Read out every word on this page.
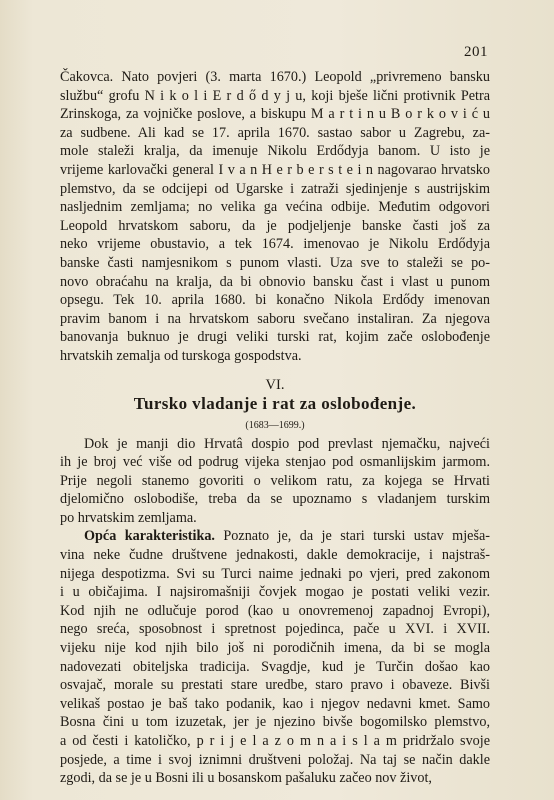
201
Čakovca. Nato povjeri (3. marta 1670.) Leopold „privremeno bansku
službu“ grofu N i k o l i E r d ő d y j u, koji bješe lični protivnik Petra
Zrinskoga, za vojničke poslove, a biskupu M a r t i n u B o r k o v i ć u
za sudbene. Ali kad se 17. aprila 1670. sastao sabor u Zagrebu, za-
mole staleži kralja, da imenuje Nikolu Erdődyja banom. U isto je
vrijeme karlovački general I v a n H e r b e r s t e i n nagovarao hrvatsko
plemstvo, da se odcijepi od Ugarske i zatraži sjedinjenje s austrijskim
nasljednim zemljama; no velika ga većina odbije. Međutim odgovori
Leopold hrvatskom saboru, da je podjeljenje banske časti još za
neko vrijeme obustavio, a tek 1674. imenovao je Nikolu Erdődyja
banske časti namjesnikom s punom vlasti. Uza sve to staleži se po-
novo obraćahu na kralja, da bi obnovio bansku čast i vlast u punom
opsegu. Tek 10. aprila 1680. bi konačno Nikola Erdődy imenovan
pravim banom i na hrvatskom saboru svečano instaliran. Za njegova
banovanja buknuo je drugi veliki turski rat, kojim zače oslobođenje
hrvatskih zemalja od turskoga gospodstva.
VI.
Tursko vladanje i rat za oslobođenje.
(1683—1699.)
Dok je manji dio Hrvatâ dospio pod prevlast njemačku, najveći
ih je broj već više od podrug vijeka stenjao pod osmanlijskim jarmom.
Prije negoli stanemo govoriti o velikom ratu, za kojega se Hrvati
djelomično oslobodiše, treba da se upoznamo s vladanjem turskim
po hrvatskim zemljama.
Opća karakteristika. Poznato je, da je stari turski ustav mješa-
vina neke čudne društvene jednakosti, dakle demokracije, i najstraš-
nijega despotizma. Svi su Turci naime jednaki po vjeri, pred zakonom
i u običajima. I najsiromašniji čovjek mogao je postati veliki vezir.
Kod njih ne odlučuje porod (kao u onovremenoj zapadnoj Evropi),
nego sreća, sposobnost i spretnost pojedinca, pače u XVI. i XVII.
vijeku nije kod njih bilo još ni porodičnih imena, da bi se mogla
nadovezati obiteljska tradicija. Svagdje, kud je Turčin došao kao
osvajač, morale su prestati stare uredbe, staro pravo i obaveze. Bivši
velikaš postao je baš tako podanik, kao i njegov nedavni kmet. Samo
Bosna čini u tom izuzetak, jer je njezino bivše bogomilsko plemstvo,
a od česti i katoličko, p r i j e l a z o m n a i s l a m pridržalo svoje
posjede, a time i svoj iznimni društveni položaj. Na taj se način dakle
zgodi, da se je u Bosni ili u bosanskom pašaluku začeo nov život,
